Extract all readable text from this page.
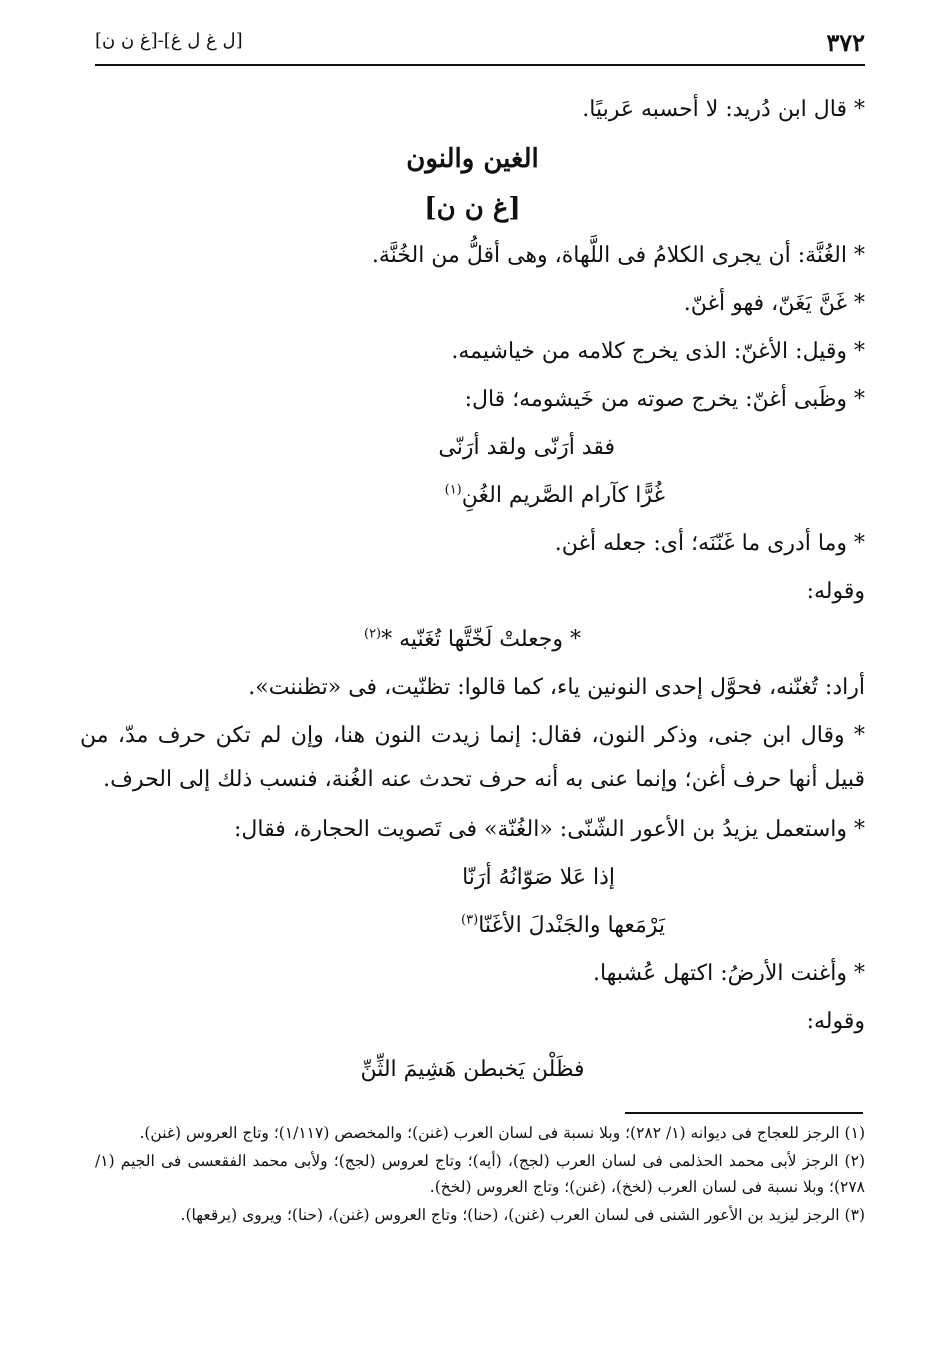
٣٧٢
[ل غ ل غ]-[غ ن ن]
* قال ابن دُريد: لا أحسبه عَربيًا.
الغين والنون
[غ ن ن]
* الغُنَّة: أن يجرى الكلامُ فى اللَّهاة، وهى أقلُّ من الخُنَّة.
* غَنَّ يَغَنّ، فهو أغنّ.
* وقيل: الأغنّ: الذى يخرج كلامه من خياشيمه.
* وظَبى أغنّ: يخرج صوته من خَيشومه؛ قال:
فقد أرَنّى ولقد أرَنّى
غُرًّا كآرام الصَّريم الغُنِ$^{(١)}$
* وما أدرى ما غَنّنَه؛ أى: جعله أغن.
وقوله:
* وجعلتْ لَخّتَّها تُغَنّيه *$^{(٢)}$
أراد: تُغنّنه، فحوَّل إحدى النونين ياء، كما قالوا: تظنّيت، فى «تظننت».
* وقال ابن جنى، وذكر النون، فقال: إنما زيدت النون هنا، وإن لم تكن حرف مدّ، من قبيل أنها حرف أغن؛ وإنما عنى به أنه حرف تحدث عنه الغُنة، فنسب ذلك إلى الحرف.
* واستعمل يزيدُ بن الأعور الشّنّى: «الغُنّة» فى تَصويت الحجارة، فقال:
إذا عَلا صَوّانُهُ أرَنّا
يَرْمَعها والجَنْدلَ الأغَنّا$^{(٣)}$
* وأغنت الأرضُ: اكتهل عُشبها.
وقوله:
فظَلْن يَخبطن هَشِيمَ الثِّنِّ
(١) الرجز للعجاج فى ديوانه (١/ ٢٨٢)؛ وبلا نسبة فى لسان العرب (غنن)؛ والمخصص (١/١١٧)؛ وتاج العروس (غنن).
(٢) الرجز لأبى محمد الحذلمى فى لسان العرب (لجج)، (أيه)؛ وتاج لعروس (لجج)؛ ولأبى محمد الفقعسى فى الجيم (١/ ٢٧٨)؛ وبلا نسبة فى لسان العرب (لخخ)، (غنن)؛ وتاج العروس (لخخ).
(٣) الرجز ليزيد بن الأعور الشنى فى لسان العرب (غنن)، (حنا)؛ وتاج العروس (غنن)، (حنا)؛ ويروى (يرقعها).
